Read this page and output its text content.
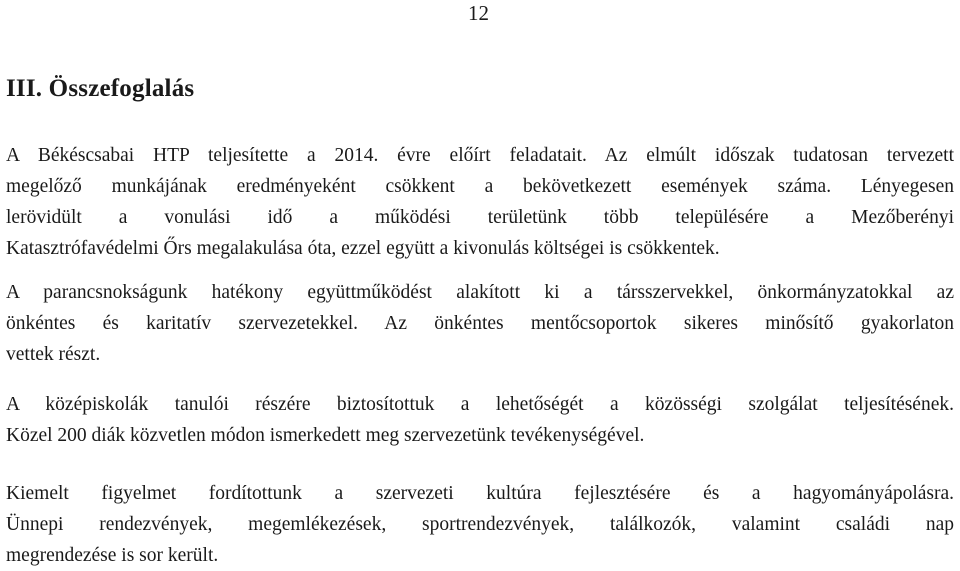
12
III. Összefoglalás

A Békéscsabai HTP teljesítette a 2014. évre előírt feladatait. Az elmúlt időszak tudatosan tervezett
megelőző munkájának eredményeként csökkent a bekövetkezett események száma. Lényegesen
lerövidült a vonulási idő a működési területünk több településére a Mezőberényi
Katasztrófavédelmi Őrs megalakulása óta, ezzel együtt a kivonulás költségei is csökkentek.

A parancsnokságunk hatékony együttműködést alakított ki a társszervekkel, önkormányzatokkal az
önkéntes és karitatív szervezetekkel. Az önkéntes mentőcsoportok sikeres minősítő gyakorlaton
vettek részt.

A középiskolák tanulói részére biztosítottuk a lehetőségét a közösségi szolgálat teljesítésének.
Közel 200 diák közvetlen módon ismerkedett meg szervezetünk tevékenységével.

Kiemelt figyelmet fordítottunk a szervezeti kultúra fejlesztésére és a hagyományápolásra.
Ünnepi rendezvények, megemlékezések, sportrendezvények, találkozók, valamint családi nap
megrendezése is sor került.
